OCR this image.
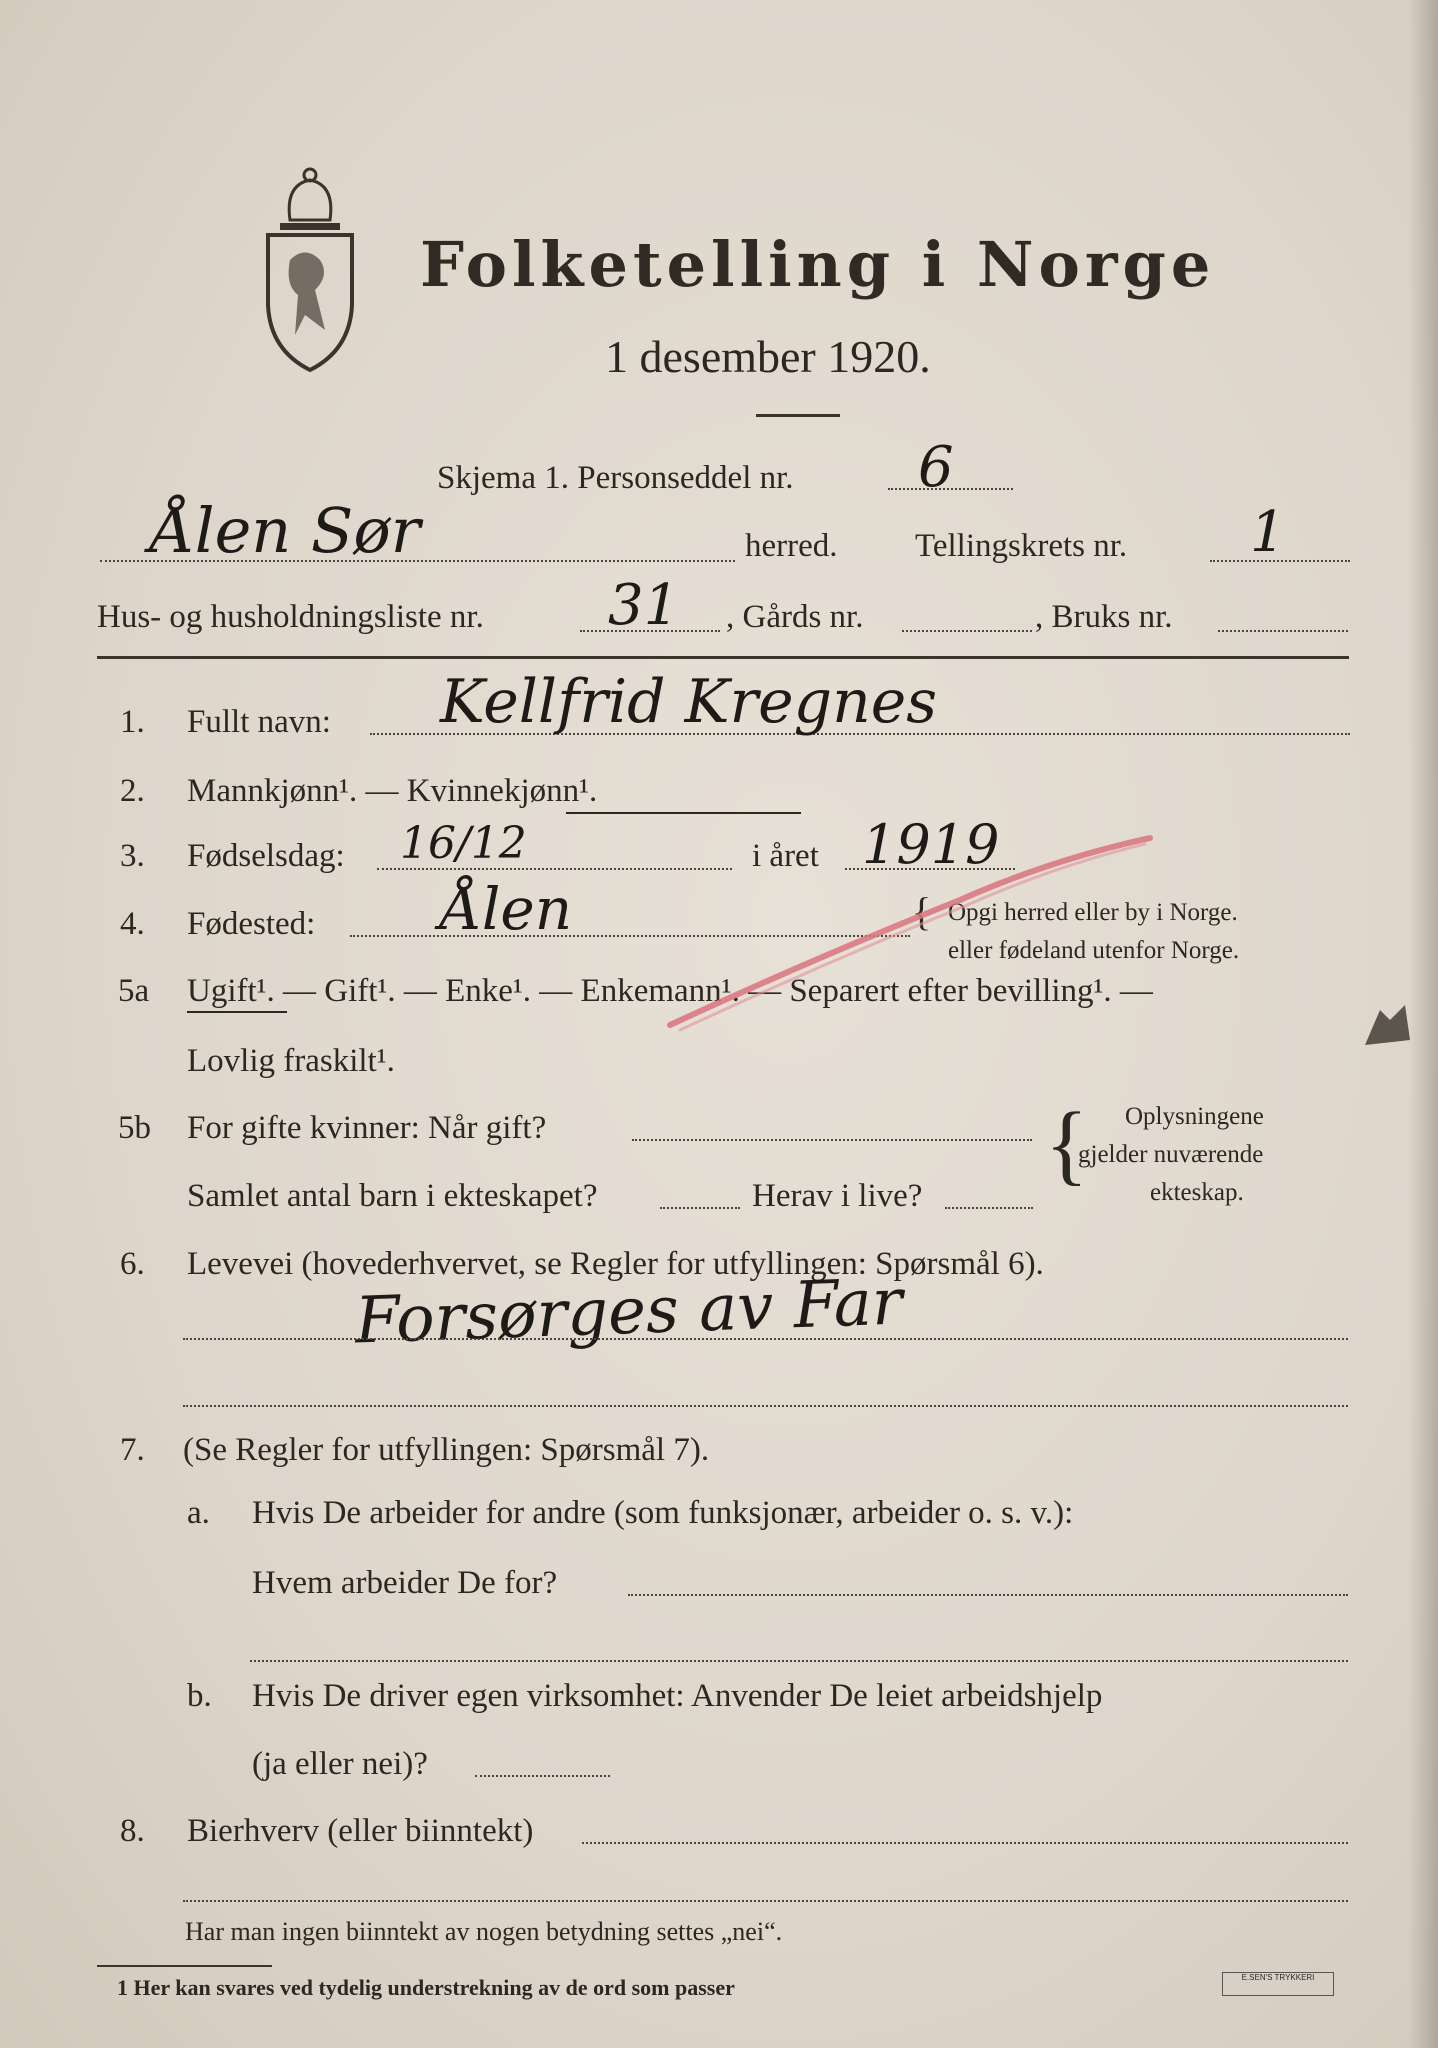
Folketelling i Norge
1 desember 1920.
Skjema 1. Personseddel nr. 6
Ålen Sør	herred. Tellingskrets nr. 1
Hus- og husholdningsliste nr. 31 , Gårds nr.	, Bruks nr.
1. Fullt navn: Kellfrid Kregnes
2. Mannkjønn¹. — Kvinnekjønn¹.
3. Fødselsdag: 16/12	i året 1919
4. Fødested: Ålen	{ Opgi herred eller by i Norge.
eller fødeland utenfor Norge.
5a Ugift¹. — Gift¹. — Enke¹. — Enkemann¹. — Separert efter bevilling¹. —
Lovlig fraskilt¹.
5b For gifte kvinner: Når gift?
Samlet antal barn i ekteskapet?	Herav i live?
{ Oplysningene
gjelder nuværende
ekteskap.
6. Levevei (hovederhvervet, se Regler for utfyllingen: Spørsmål 6).
Forsørges av Far
7. (Se Regler for utfyllingen: Spørsmål 7).
a. Hvis De arbeider for andre (som funksjonær, arbeider o. s. v.):
Hvem arbeider De for?
b. Hvis De driver egen virksomhet: Anvender De leiet arbeidshjelp
(ja eller nei)?
8. Bierhverv (eller biinntekt)
Har man ingen biinntekt av nogen betydning settes „nei“.
1 Her kan svares ved tydelig understrekning av de ord som passer	E.SEN'S TRYKKERI
